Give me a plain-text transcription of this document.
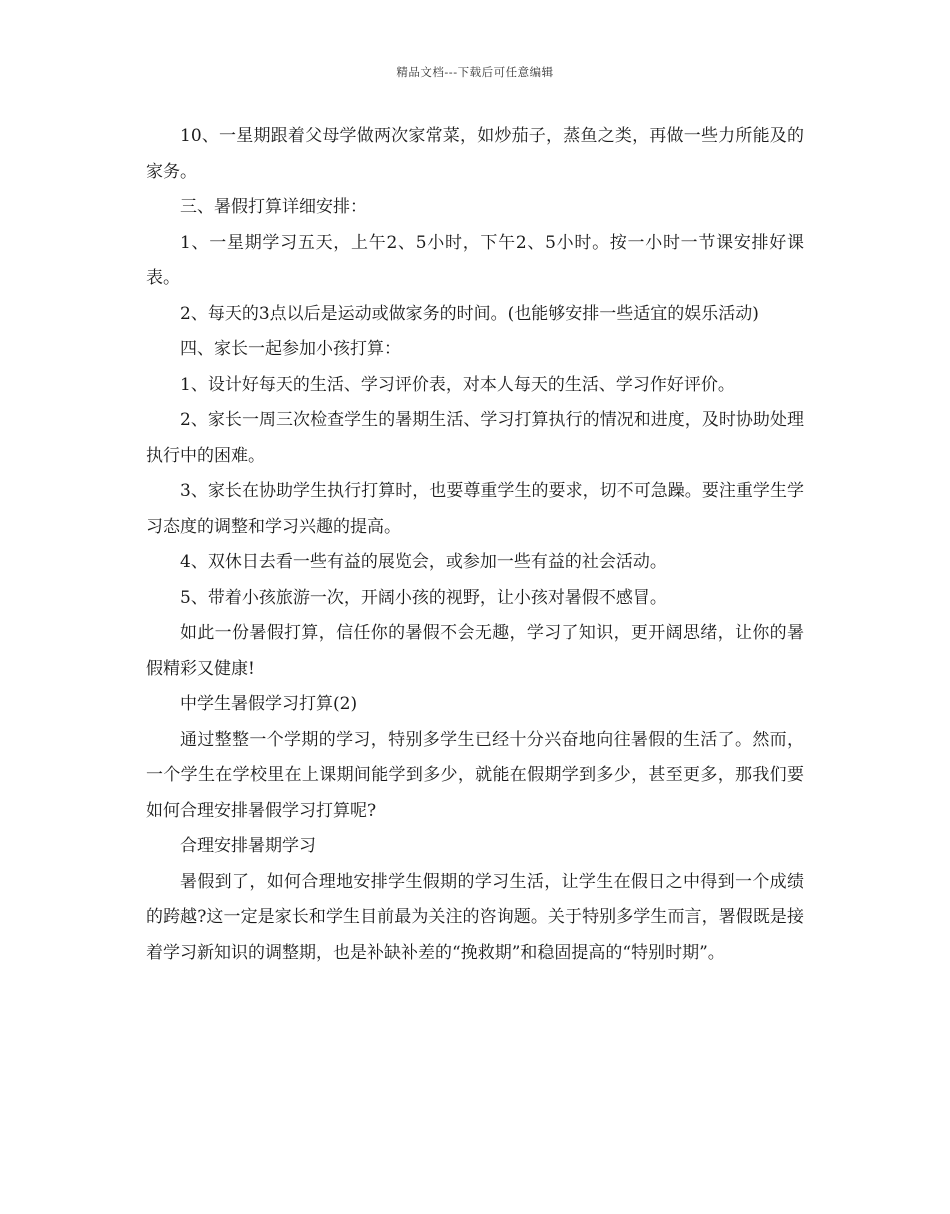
精品文档---下载后可任意编辑

10、一星期跟着父母学做两次家常菜，如炒茄子，蒸鱼之类，再做一些力所能及的家务。

三、暑假打算详细安排：

1、一星期学习五天，上午2、5小时，下午2、5小时。按一小时一节课安排好课表。

2、每天的3点以后是运动或做家务的时间。(也能够安排一些适宜的娱乐活动)

四、家长一起参加小孩打算：

1、设计好每天的生活、学习评价表，对本人每天的生活、学习作好评价。

2、家长一周三次检查学生的暑期生活、学习打算执行的情况和进度，及时协助处理执行中的困难。

3、家长在协助学生执行打算时，也要尊重学生的要求，切不可急躁。要注重学生学习态度的调整和学习兴趣的提高。

4、双休日去看一些有益的展览会，或参加一些有益的社会活动。

5、带着小孩旅游一次，开阔小孩的视野，让小孩对暑假不感冒。

如此一份暑假打算，信任你的暑假不会无趣，学习了知识，更开阔思绪，让你的暑假精彩又健康!

中学生暑假学习打算(2)

通过整整一个学期的学习，特别多学生已经十分兴奋地向往暑假的生活了。然而，一个学生在学校里在上课期间能学到多少，就能在假期学到多少，甚至更多，那我们要如何合理安排暑假学习打算呢?

合理安排暑期学习

暑假到了，如何合理地安排学生假期的学习生活，让学生在假日之中得到一个成绩的跨越?这一定是家长和学生目前最为关注的咨询题。关于特别多学生而言，署假既是接着学习新知识的调整期，也是补缺补差的“挽救期”和稳固提高的“特别时期”。
